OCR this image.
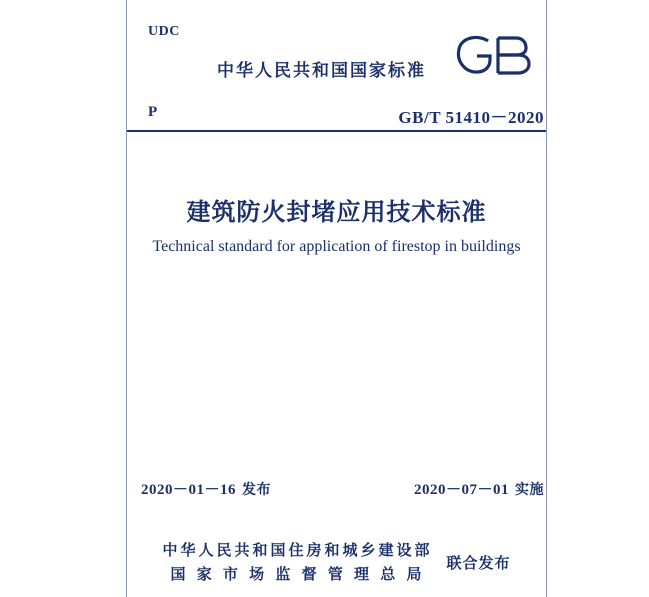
UDC
中华人民共和国国家标准
P	GB/T 51410－2020
建筑防火封堵应用技术标准
Technical standard for application of firestop in buildings
2020－01－16 发布	2020－07－01 实施
中华人民共和国住房和城乡建设部
国 家 市 场 监 督 管 理 总 局
联合发布
